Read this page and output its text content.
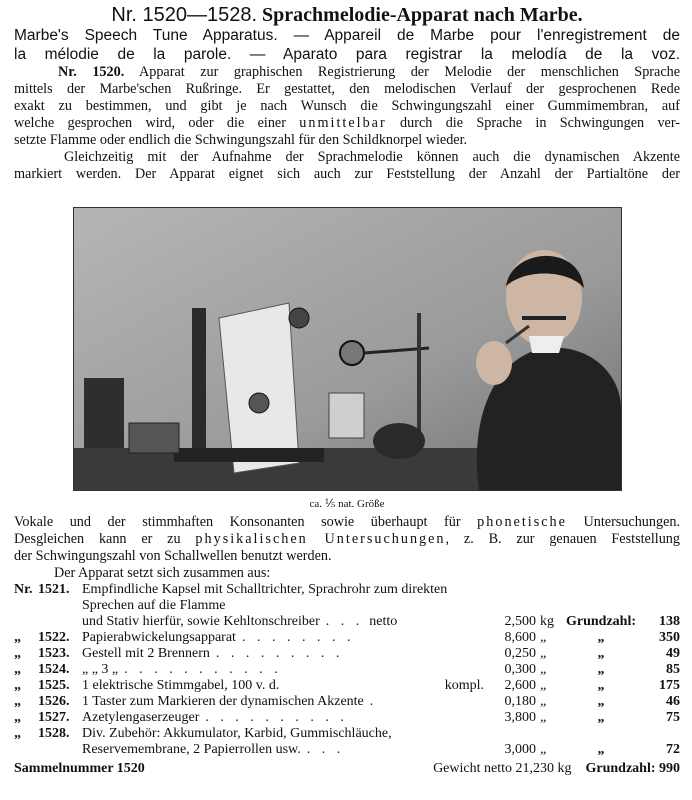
Nr. 1520—1528. Sprachmelodie-Apparat nach Marbe.
Marbe's Speech Tune Apparatus. — Appareil de Marbe pour l'enregistrement de
la mélodie de la parole. — Aparato para registrar la melodía de la voz.
Nr. 1520. Apparat zur graphischen Registrierung der Melodie der menschlichen Sprache
mittels der Marbe'schen Rußringe. Er gestattet, den melodischen Verlauf der gesprochenen Rede
exakt zu bestimmen, und gibt je nach Wunsch die Schwingungszahl einer Gummimembran, auf
welche gesprochen wird, oder die einer unmittelbar durch die Sprache in Schwingungen ver-
setzte Flamme oder endlich die Schwingungszahl für den Schildknorpel wieder.
Gleichzeitig mit der Aufnahme der Sprachmelodie können auch die dynamischen Akzente
markiert werden. Der Apparat eignet sich auch zur Feststellung der Anzahl der Partialtöne der
ca. ⅕ nat. Größe
Vokale und der stimmhaften Konsonanten sowie überhaupt für phonetische Untersuchungen.
Desgleichen kann er zu physikalischen Untersuchungen, z. B. zur genauen Feststellung
der Schwingungszahl von Schallwellen benutzt werden.
Der Apparat setzt sich zusammen aus:
Nr.	1521.	Empfindliche Kapsel mit Schalltrichter, Sprachrohr zum direkten Sprechen auf die Flamme
und Stativ hierfür, sowie Kehltonschreiber . . . netto	2,500	kg	Grundzahl:	138
„	1522.	Papierabwickelungsapparat . . . . . . . .	8,600	„	„	350
„	1523.	Gestell mit 2 Brennern . . . . . . . . .	0,250	„	„	49
„	1524.	„ „ 3 „ . . . . . . . . . . .	0,300	„	„	85
„	1525.	1 elektrische Stimmgabel, 100 v. d. kompl.	2,600	„	„	175
„	1526.	1 Taster zum Markieren der dynamischen Akzente .	0,180	„	„	46
„	1527.	Azetylengaserzeuger . . . . . . . . . .	3,800	„	„	75
„	1528.	Div. Zubehör: Akkumulator, Karbid, Gummischläuche,
Reservemembrane, 2 Papierrollen usw. . . .	3,000	„	„	72
Sammelnummer 1520	Gewicht netto 21,230 kg Grundzahl: 990
